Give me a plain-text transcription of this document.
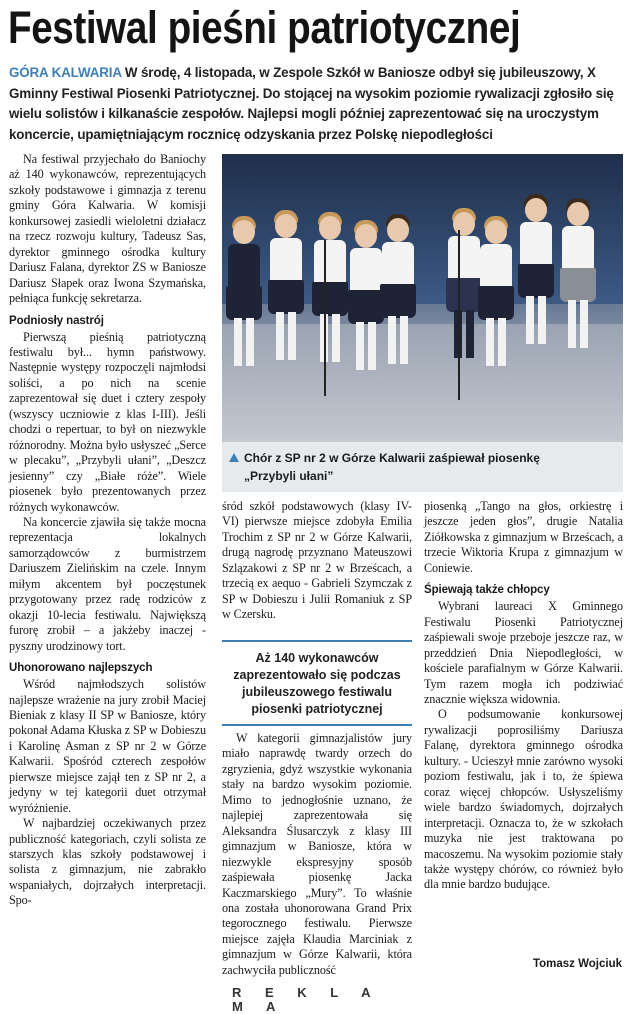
Festiwal pieśni patriotycznej
GÓRA KALWARIA W środę, 4 listopada, w Zespole Szkół w Baniosze odbył się jubileuszowy, X Gminny Festiwal Piosenki Patriotycznej. Do stojącej na wysokim poziomie rywalizacji zgłosiło się wielu solistów i kilkanaście zespołów. Najlepsi mogli później zaprezentować się na uroczystym koncercie, upamiętniającym rocznicę odzyskania przez Polskę niepodległości

Na festiwal przyjechało do Baniochy aż 140 wykonawców, reprezentujących szkoły podstawowe i gimnazja z terenu gminy Góra Kalwaria. W komisji konkursowej zasiedli wieloletni działacz na rzecz rozwoju kultury, Tadeusz Sas, dyrektor gminnego ośrodka kultury Dariusz Falana, dyrektor ZS w Baniosze Dariusz Słapek oraz Iwona Szymańska, pełniąca funkcję sekretarza.

Podniosły nastrój

Pierwszą pieśnią patriotyczną festiwalu był... hymn państwowy. Następnie występy rozpoczęli najmłodsi soliści, a po nich na scenie zaprezentował się duet i cztery zespoły (wszyscy uczniowie z klas I-III). Jeśli chodzi o repertuar, to był on niezwykle różnorodny. Można było usłyszeć „Serce w plecaku”, „Przybyli ułani”, „Deszcz jesienny” czy „Białe róże”. Wiele piosenek było prezentowanych przez różnych wykonawców.

Na koncercie zjawiła się także mocna reprezentacja lokalnych samorządowców z burmistrzem Dariuszem Zielińskim na czele. Innym miłym akcentem był poczęstunek przygotowany przez radę rodziców z okazji 10-lecia festiwalu. Największą furorę zrobił – a jakżeby inaczej - pyszny urodzinowy tort.

Uhonorowano najlepszych

Wśród najmłodszych solistów najlepsze wrażenie na jury zrobił Maciej Bieniak z klasy II SP w Baniosze, który pokonał Adama Kłuska z SP w Dobieszu i Karolinę Asman z SP nr 2 w Górze Kalwarii. Spośród czterech zespołów pierwsze miejsce zajął ten z SP nr 2, a jedyny w tej kategorii duet otrzymał wyróżnienie.

W najbardziej oczekiwanych przez publiczność kategoriach, czyli solista ze starszych klas szkoły podstawowej i solista z gimnazjum, nie zabrakło wspaniałych, dojrzałych interpretacji. Spo-

Chór z SP nr 2 w Górze Kalwarii zaśpiewał piosenkę
„Przybyli ułani”

śród szkół podstawowych (klasy IV-VI) pierwsze miejsce zdobyła Emilia Trochim z SP nr 2 w Górze Kalwarii, drugą nagrodę przyznano Mateuszowi Szlązakowi z SP nr 2 w Brześcach, a trzecią ex aequo - Gabrieli Szymczak z SP w Dobieszu i Julii Romaniuk z SP w Czersku.

Aż 140 wykonawców zaprezentowało się podczas jubileuszowego festiwalu piosenki patriotycznej

W kategorii gimnazjalistów jury miało naprawdę twardy orzech do zgryzienia, gdyż wszystkie wykonania stały na bardzo wysokim poziomie. Mimo to jednogłośnie uznano, że najlepiej zaprezentowała się Aleksandra Ślusarczyk z klasy III gimnazjum w Baniosze, która w niezwykle ekspresyjny sposób zaśpiewała piosenkę Jacka Kaczmarskiego „Mury”. To właśnie ona została uhonorowana Grand Prix tegorocznego festiwalu. Pierwsze miejsce zajęła Klaudia Marciniak z gimnazjum w Górze Kalwarii, która zachwyciła publiczność

piosenką „Tango na głos, orkiestrę i jeszcze jeden głos”, drugie Natalia Ziółkowska z gimnazjum w Brześcach, a trzecie Wiktoria Krupa z gimnazjum w Coniewie.

Śpiewają także chłopcy

Wybrani laureaci X Gminnego Festiwalu Piosenki Patriotycznej zaśpiewali swoje przeboje jeszcze raz, w przeddzień Dnia Niepodległości, w kościele parafialnym w Górze Kalwarii. Tym razem mogła ich podziwiać znacznie większa widownia.

O podsumowanie konkursowej rywalizacji poprosiliśmy Dariusza Falanę, dyrektora gminnego ośrodka kultury. - Ucieszył mnie zarówno wysoki poziom festiwalu, jak i to, że śpiewa coraz więcej chłopców. Usłyszeliśmy wiele bardzo świadomych, dojrzałych interpretacji. Oznacza to, że w szkołach muzyka nie jest traktowana po macoszemu. Na wysokim poziomie stały także występy chórów, co również było dla mnie bardzo budujące.

Tomasz Wojciuk
R E K L A M A
